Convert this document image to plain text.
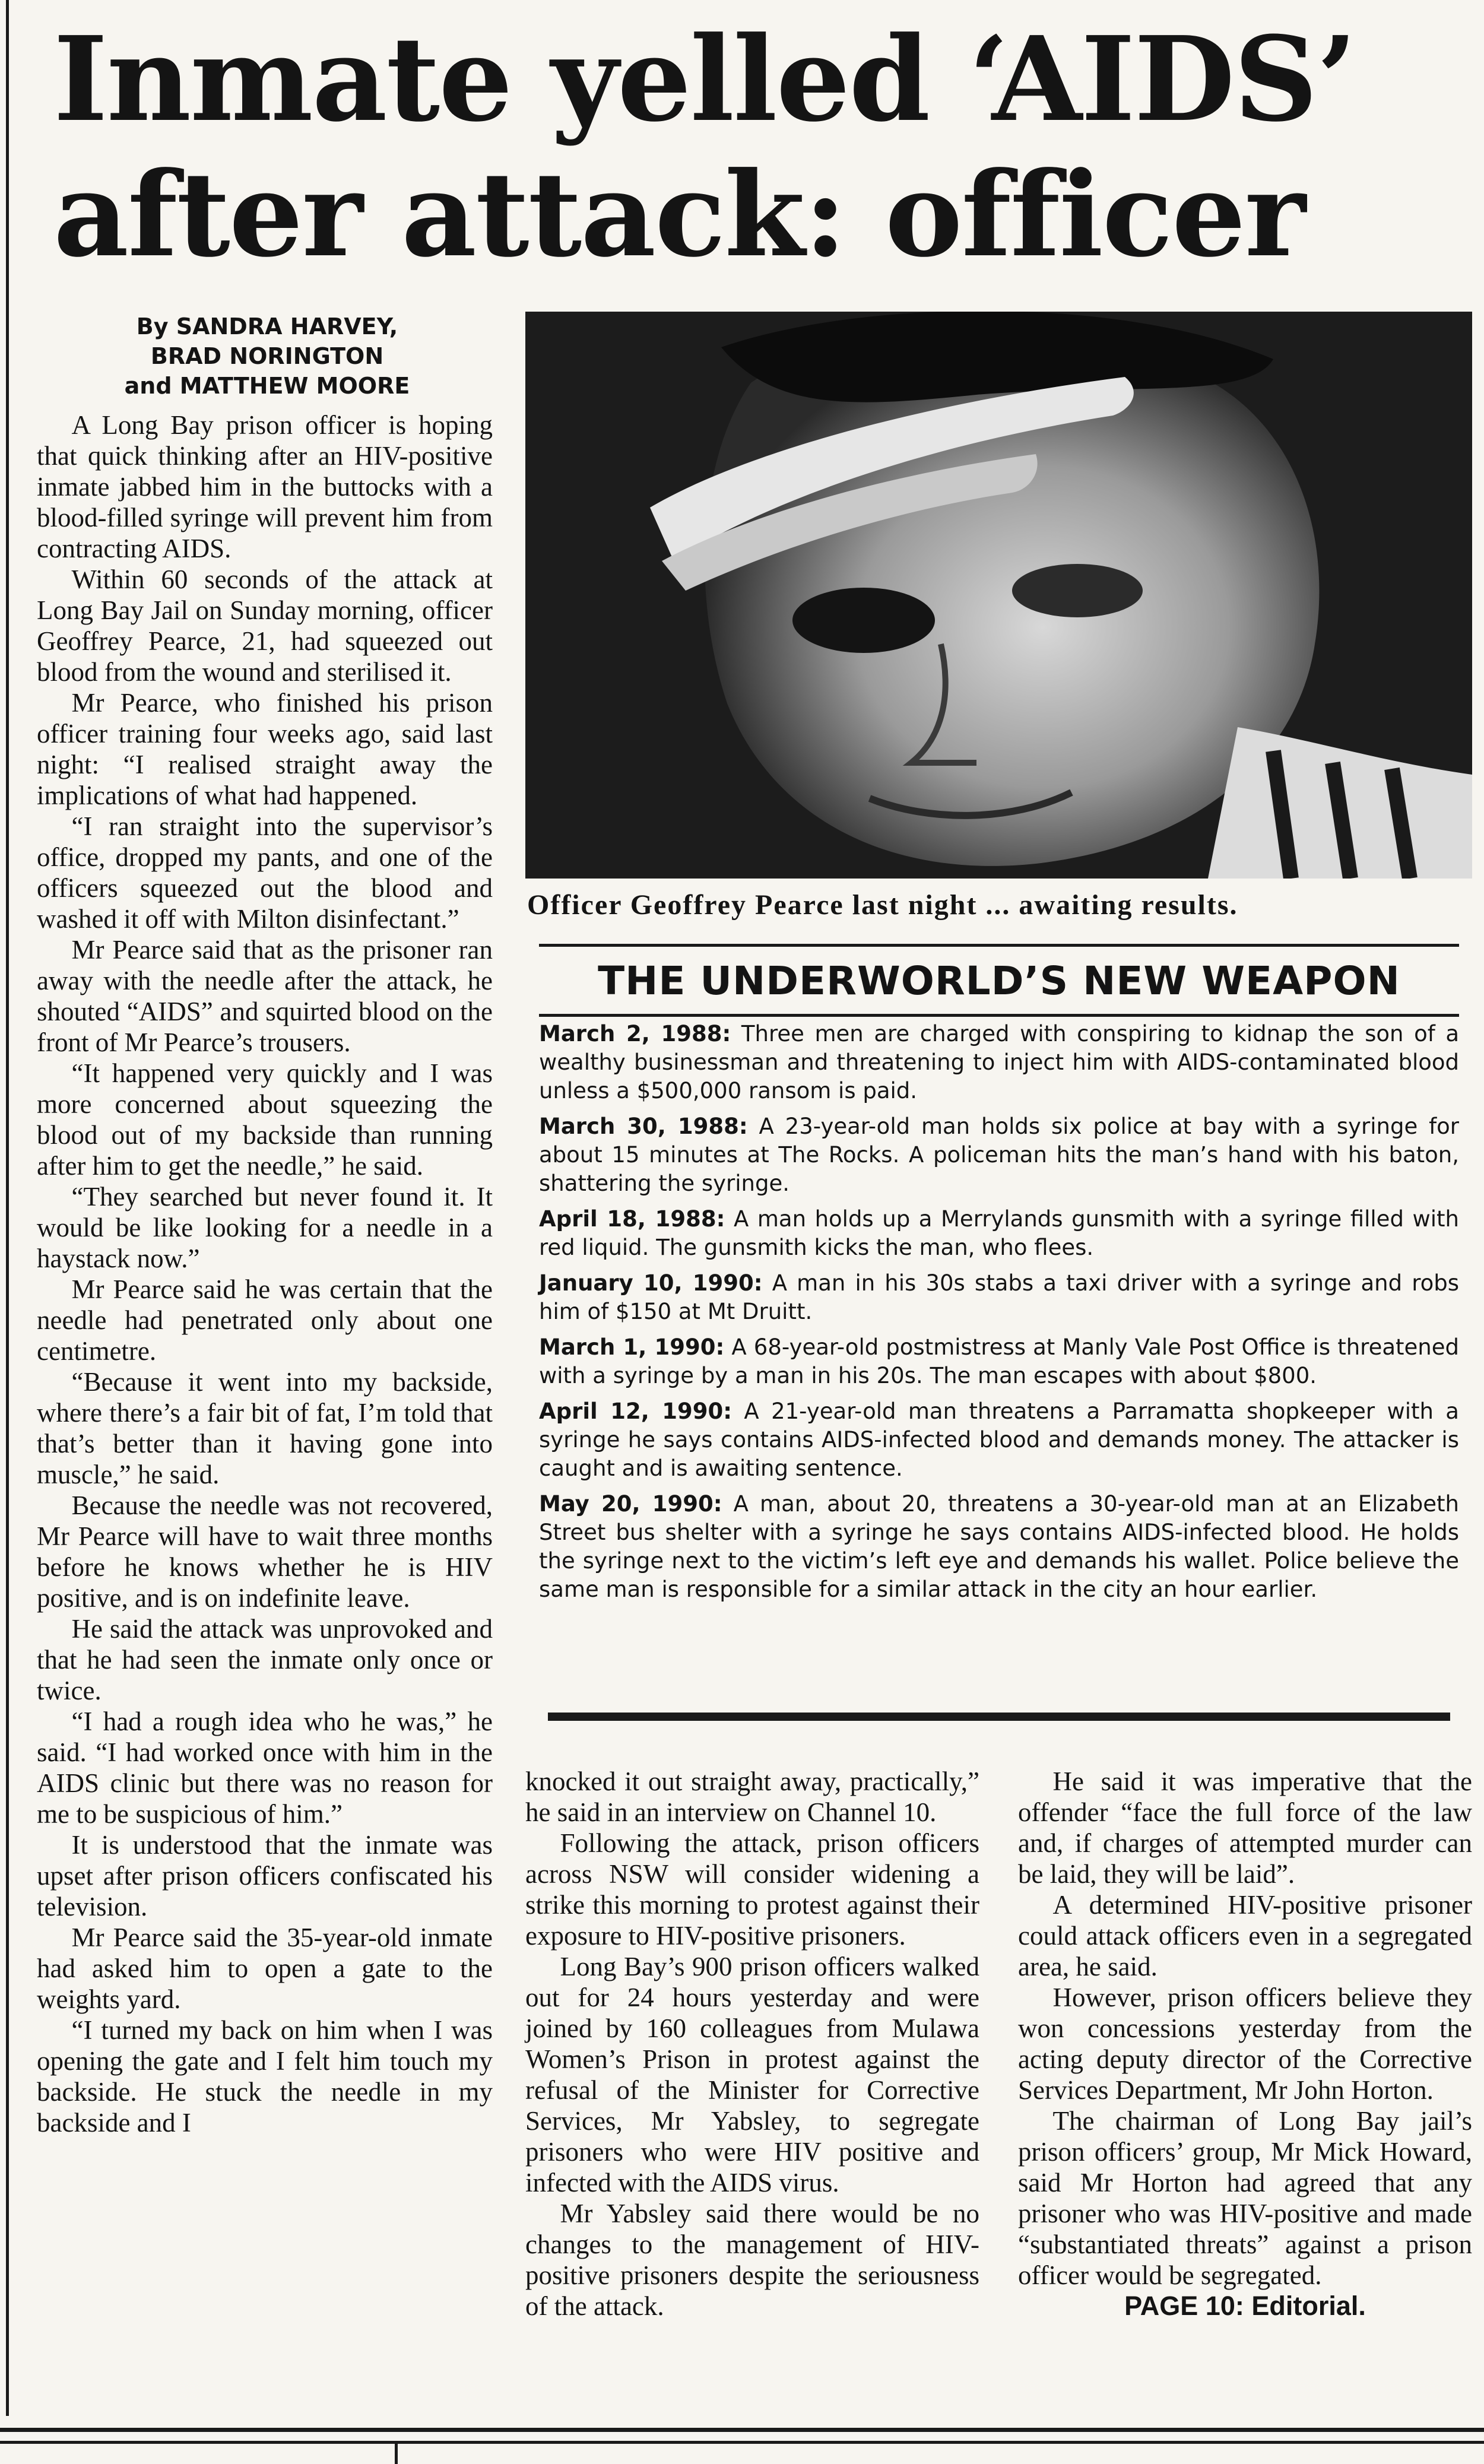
Inmate yelled ‘AIDS’
after attack: officer
By SANDRA HARVEY,
BRAD NORINGTON
and MATTHEW MOORE

A Long Bay prison officer is hoping that quick thinking after an HIV-positive inmate jabbed him in the buttocks with a blood-filled syringe will prevent him from contracting AIDS.

Within 60 seconds of the attack at Long Bay Jail on Sunday morning, officer Geoffrey Pearce, 21, had squeezed out blood from the wound and sterilised it.

Mr Pearce, who finished his prison officer training four weeks ago, said last night: “I realised straight away the implications of what had happened.

“I ran straight into the supervisor’s office, dropped my pants, and one of the officers squeezed out the blood and washed it off with Milton disinfectant.”

Mr Pearce said that as the prisoner ran away with the needle after the attack, he shouted “AIDS” and squirted blood on the front of Mr Pearce’s trousers.

“It happened very quickly and I was more concerned about squeezing the blood out of my backside than running after him to get the needle,” he said.

“They searched but never found it. It would be like looking for a needle in a haystack now.”

Mr Pearce said he was certain that the needle had penetrated only about one centimetre.

“Because it went into my backside, where there’s a fair bit of fat, I’m told that that’s better than it having gone into muscle,” he said.

Because the needle was not recovered, Mr Pearce will have to wait three months before he knows whether he is HIV positive, and is on indefinite leave.

He said the attack was unprovoked and that he had seen the inmate only once or twice.

“I had a rough idea who he was,” he said. “I had worked once with him in the AIDS clinic but there was no reason for me to be suspicious of him.”

It is understood that the inmate was upset after prison officers confiscated his television.

Mr Pearce said the 35-year-old inmate had asked him to open a gate to the weights yard.

“I turned my back on him when I was opening the gate and I felt him touch my backside. He stuck the needle in my backside and I

Officer Geoffrey Pearce last night ... awaiting results.
THE UNDERWORLD’S NEW WEAPON

March 2, 1988: Three men are charged with conspiring to kidnap the son of a wealthy businessman and threatening to inject him with AIDS-contaminated blood unless a $500,000 ransom is paid.

March 30, 1988: A 23-year-old man holds six police at bay with a syringe for about 15 minutes at The Rocks. A policeman hits the man’s hand with his baton, shattering the syringe.

April 18, 1988: A man holds up a Merrylands gunsmith with a syringe filled with red liquid. The gunsmith kicks the man, who flees.

January 10, 1990: A man in his 30s stabs a taxi driver with a syringe and robs him of $150 at Mt Druitt.

March 1, 1990: A 68-year-old postmistress at Manly Vale Post Office is threatened with a syringe by a man in his 20s. The man escapes with about $800.

April 12, 1990: A 21-year-old man threatens a Parramatta shopkeeper with a syringe he says contains AIDS-infected blood and demands money. The attacker is caught and is awaiting sentence.

May 20, 1990: A man, about 20, threatens a 30-year-old man at an Elizabeth Street bus shelter with a syringe he says contains AIDS-infected blood. He holds the syringe next to the victim’s left eye and demands his wallet. Police believe the same man is responsible for a similar attack in the city an hour earlier.

knocked it out straight away, practically,” he said in an interview on Channel 10.

Following the attack, prison officers across NSW will consider widening a strike this morning to protest against their exposure to HIV-positive prisoners.

Long Bay’s 900 prison officers walked out for 24 hours yesterday and were joined by 160 colleagues from Mulawa Women’s Prison in protest against the refusal of the Minister for Corrective Services, Mr Yabsley, to segregate prisoners who were HIV positive and infected with the AIDS virus.

Mr Yabsley said there would be no changes to the management of HIV-positive prisoners despite the seriousness of the attack.

He said it was imperative that the offender “face the full force of the law and, if charges of attempted murder can be laid, they will be laid”.

A determined HIV-positive prisoner could attack officers even in a segregated area, he said.

However, prison officers believe they won concessions yesterday from the acting deputy director of the Corrective Services Department, Mr John Horton.

The chairman of Long Bay jail’s prison officers’ group, Mr Mick Howard, said Mr Horton had agreed that any prisoner who was HIV-positive and made “substantiated threats” against a prison officer would be segregated.

PAGE 10: Editorial.
